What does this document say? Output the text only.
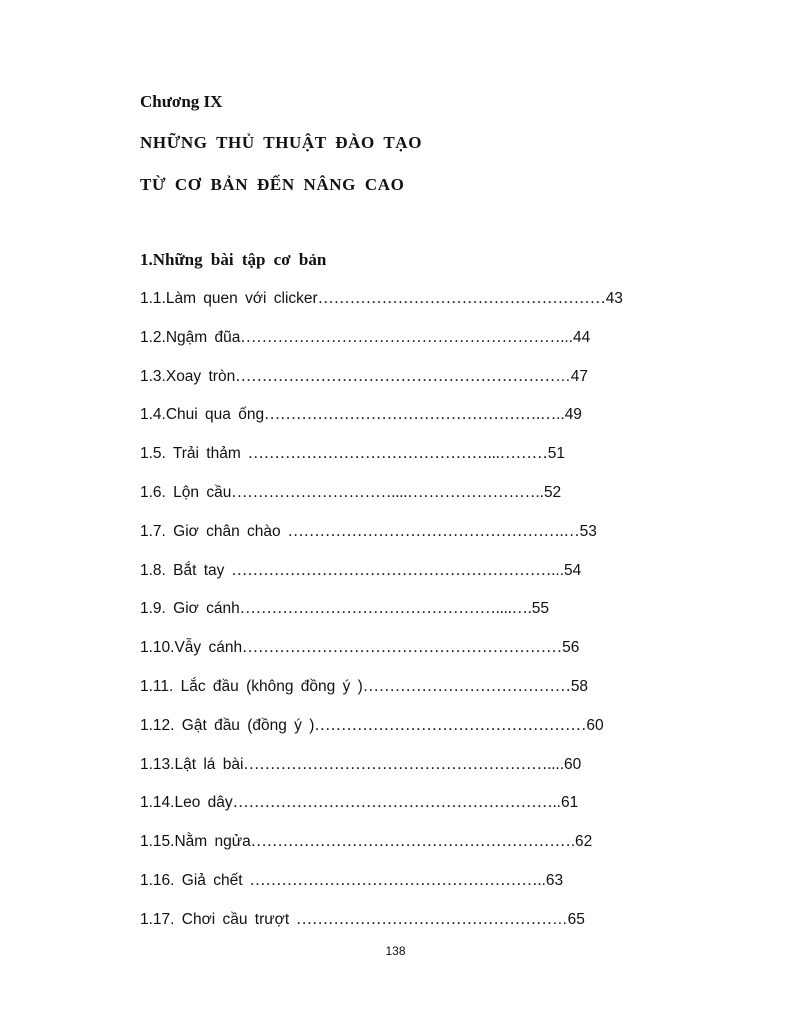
Chương IX

NHỮNG THỦ THUẬT ĐÀO TẠO

TỪ CƠ BẢN ĐẾN NÂNG CAO

1.Những bài tập cơ bản

1.1.Làm quen với clicker………………………………………………43
1.2.Ngậm đũa……………………………………………………...44
1.3.Xoay tròn………………………………………………………47
1.4.Chui qua ống…………………………………………….…..49
1.5. Trải thảm ………………………………………...………51
1.6. Lộn cầu…………………………....……………………..52
1.7. Giơ chân chào …………………………………………….…53
1.8. Bắt tay ……………………………………………………...54
1.9. Giơ cánh…………………………………………....….55
1.10.Vẫy cánh……………………………………………………56
1.11. Lắc đầu (không đồng ý )…………………………………58
1.12. Gật đầu (đồng ý )……………………………………………60
1.13.Lật lá bài…………………………………………………....60
1.14.Leo dây……………………………………………………..61
1.15.Nằm ngửa…………………………………………………….62
1.16. Giả chết ………………………………………………..63
1.17. Chơi cầu trượt ……………………………………………65

138
